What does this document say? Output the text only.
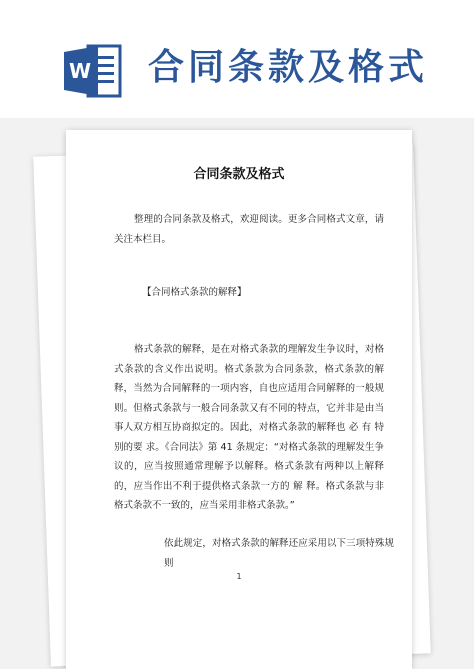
W 合同条款及格式
合同条款及格式

整理的合同条款及格式，欢迎阅读。更多合同格式文章，请关注本栏目。

【合同格式条款的解释】

格式条款的解释，是在对格式条款的理解发生争议时，对格式条款的含义作出说明。格式条款为合同条款，格式条款的解释，当然为合同解释的一项内容，自也应适用合同解释的一般规则。但格式条款与一般合同条款又有不同的特点，它并非是由当事人双方相互协商拟定的。因此，对格式条款的解释也 必 有 特别的要 求。《合同法》第 41 条规定：“对格式条款的理解发生争议的，应当按照通常理解予以解释。格式条款有两种以上解释的，应当作出不利于提供格式条款一方的 解 释。格式条款与非格式条款不一致的，应当采用非格式条款。”

依此规定，对格式条款的解释还应采用以下三项特殊规则

1
